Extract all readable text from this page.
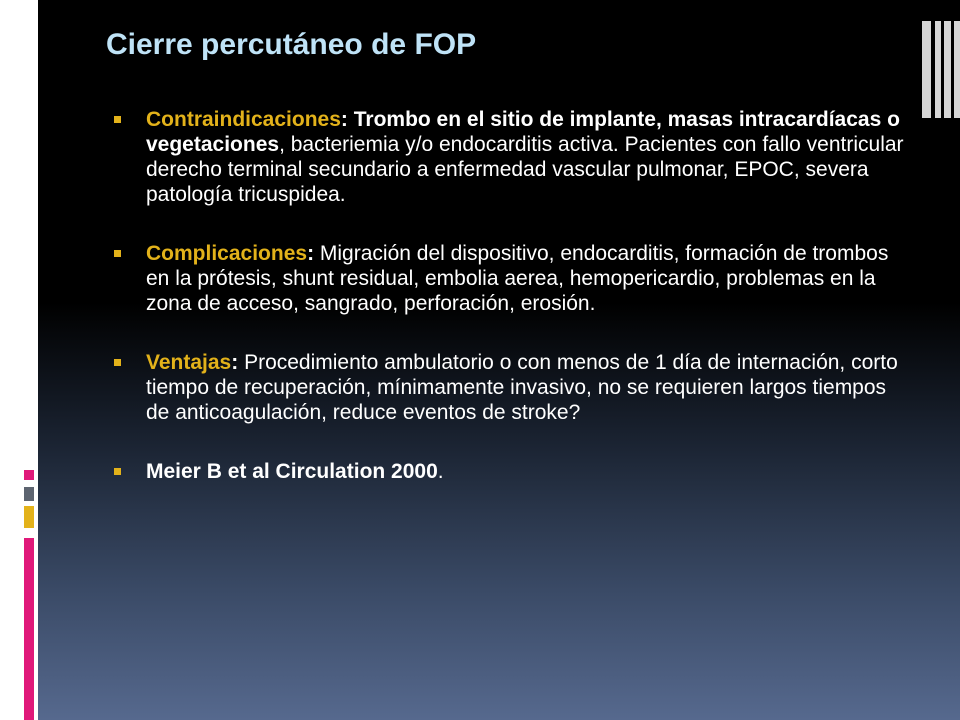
Cierre percutáneo de FOP
Contraindicaciones: Trombo en el sitio de implante, masas intracardíacas o vegetaciones, bacteriemia y/o endocarditis activa. Pacientes con fallo ventricular derecho terminal secundario a enfermedad vascular pulmonar, EPOC, severa patología tricuspidea.
Complicaciones: Migración del dispositivo, endocarditis, formación de trombos en la prótesis, shunt residual, embolia aerea, hemopericardio, problemas en la zona de acceso, sangrado, perforación, erosión.
Ventajas: Procedimiento ambulatorio o con menos de 1 día de internación, corto tiempo de recuperación, mínimamente invasivo, no se requieren largos tiempos de anticoagulación, reduce eventos de stroke?
Meier B et al Circulation 2000.
